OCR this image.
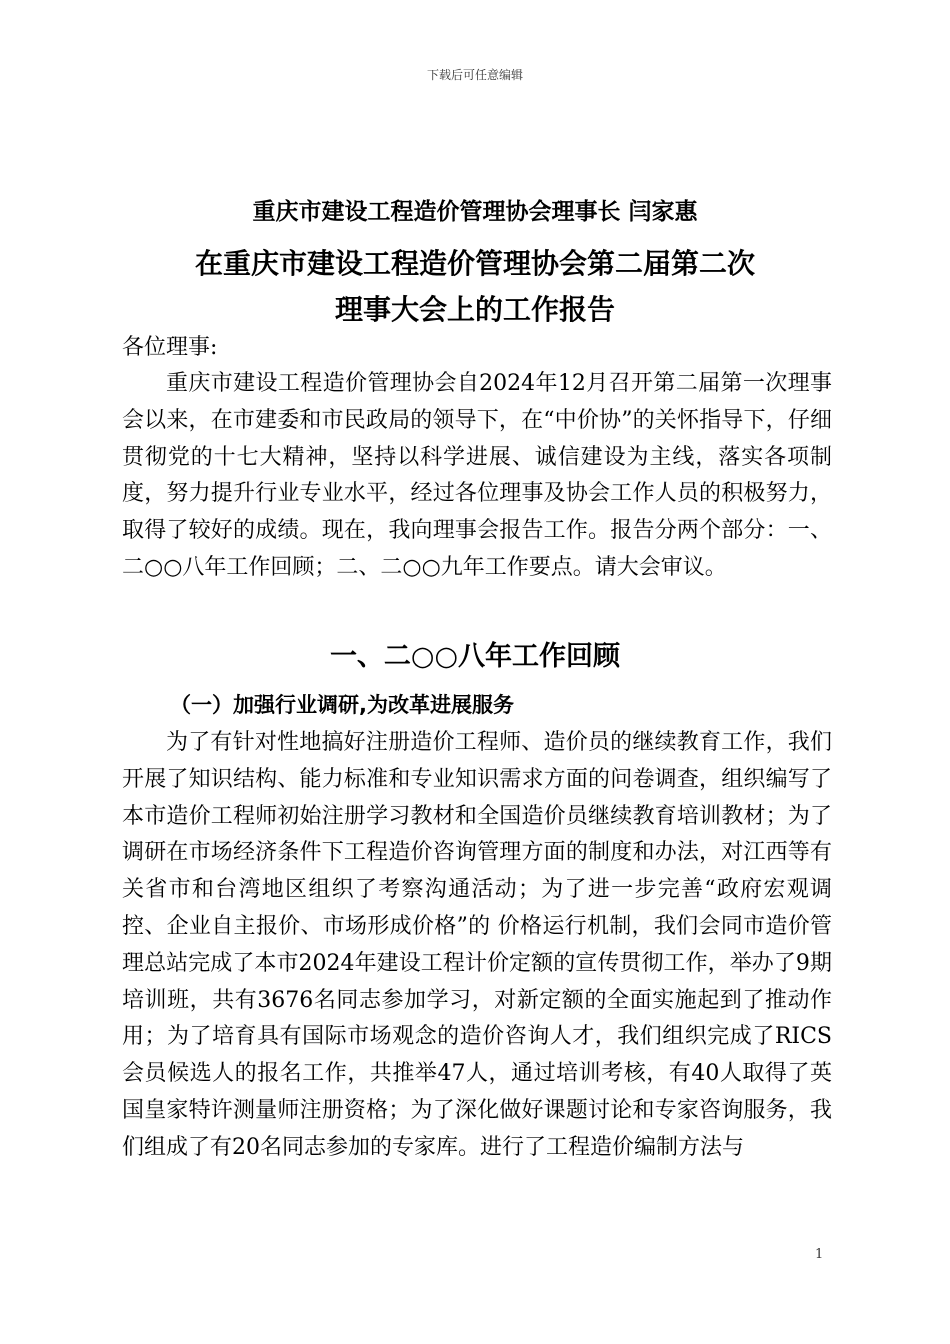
下载后可任意编辑
重庆市建设工程造价管理协会理事长 闫家惠
在重庆市建设工程造价管理协会第二届第二次
理事大会上的工作报告
各位理事:

重庆市建设工程造价管理协会自2024年12月召开第二届第一次理事会以来，在市建委和市民政局的领导下，在“中价协”的关怀指导下，仔细贯彻党的十七大精神，坚持以科学进展、诚信建设为主线，落实各项制度，努力提升行业专业水平，经过各位理事及协会工作人员的积极努力，取得了较好的成绩。现在，我向理事会报告工作。报告分两个部分：一、二○○八年工作回顾；二、二○○九年工作要点。请大会审议。

一、二○○八年工作回顾
（一）加强行业调研,为改革进展服务

为了有针对性地搞好注册造价工程师、造价员的继续教育工作，我们开展了知识结构、能力标准和专业知识需求方面的问卷调查，组织编写了本市造价工程师初始注册学习教材和全国造价员继续教育培训教材；为了调研在市场经济条件下工程造价咨询管理方面的制度和办法，对江西等有关省市和台湾地区组织了考察沟通活动；为了进一步完善“政府宏观调控、企业自主报价、市场形成价格”的 价格运行机制，我们会同市造价管理总站完成了本市2024年建设工程计价定额的宣传贯彻工作，举办了9期培训班，共有3676名同志参加学习，对新定额的全面实施起到了推动作用；为了培育具有国际市场观念的造价咨询人才，我们组织完成了RICS会员候选人的报名工作，共推举47人，通过培训考核，有40人取得了英国皇家特许测量师注册资格；为了深化做好课题讨论和专家咨询服务，我们组成了有20名同志参加的专家库。进行了工程造价编制方法与

1
